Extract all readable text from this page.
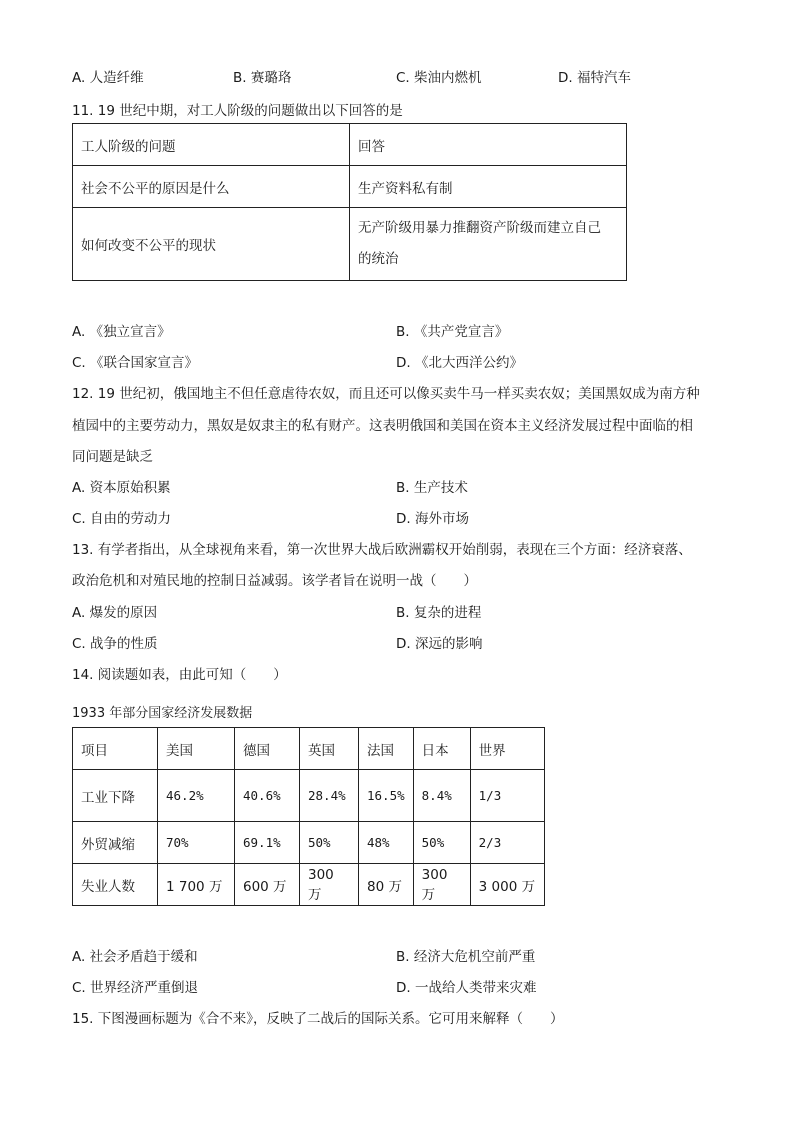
A. 人造纤维	B. 赛璐珞	C. 柴油内燃机	D. 福特汽车
11. 19 世纪中期，对工人阶级的问题做出以下回答的是
工人阶级的问题	回答
社会不公平的原因是什么	生产资料私有制
如何改变不公平的现状	无产阶级用暴力推翻资产阶级而建立自己
的统治
A. 《独立宣言》	B. 《共产党宣言》
C. 《联合国家宣言》	D. 《北大西洋公约》
12. 19 世纪初，俄国地主不但任意虐待农奴，而且还可以像买卖牛马一样买卖农奴；美国黑奴成为南方种
植园中的主要劳动力，黑奴是奴隶主的私有财产。这表明俄国和美国在资本主义经济发展过程中面临的相
同问题是缺乏
A. 资本原始积累	B. 生产技术
C. 自由的劳动力	D. 海外市场
13. 有学者指出，从全球视角来看，第一次世界大战后欧洲霸权开始削弱，表现在三个方面：经济衰落、
政治危机和对殖民地的控制日益减弱。该学者旨在说明一战（　　）
A. 爆发的原因	B. 复杂的进程
C. 战争的性质	D. 深远的影响
14. 阅读题如表，由此可知（　　）
1933 年部分国家经济发展数据
项目	美国	德国	英国	法国	日本	世界
工业下降	46.2%	40.6%	28.4%	16.5%	8.4%	1/3
外贸减缩	70%	69.1%	50%	48%	50%	2/3
失业人数	1 700 万	600 万	300 万	80 万	300 万	3 000 万
A. 社会矛盾趋于缓和	B. 经济大危机空前严重
C. 世界经济严重倒退	D. 一战给人类带来灾难
15. 下图漫画标题为《合不来》，反映了二战后的国际关系。它可用来解释（　　）
